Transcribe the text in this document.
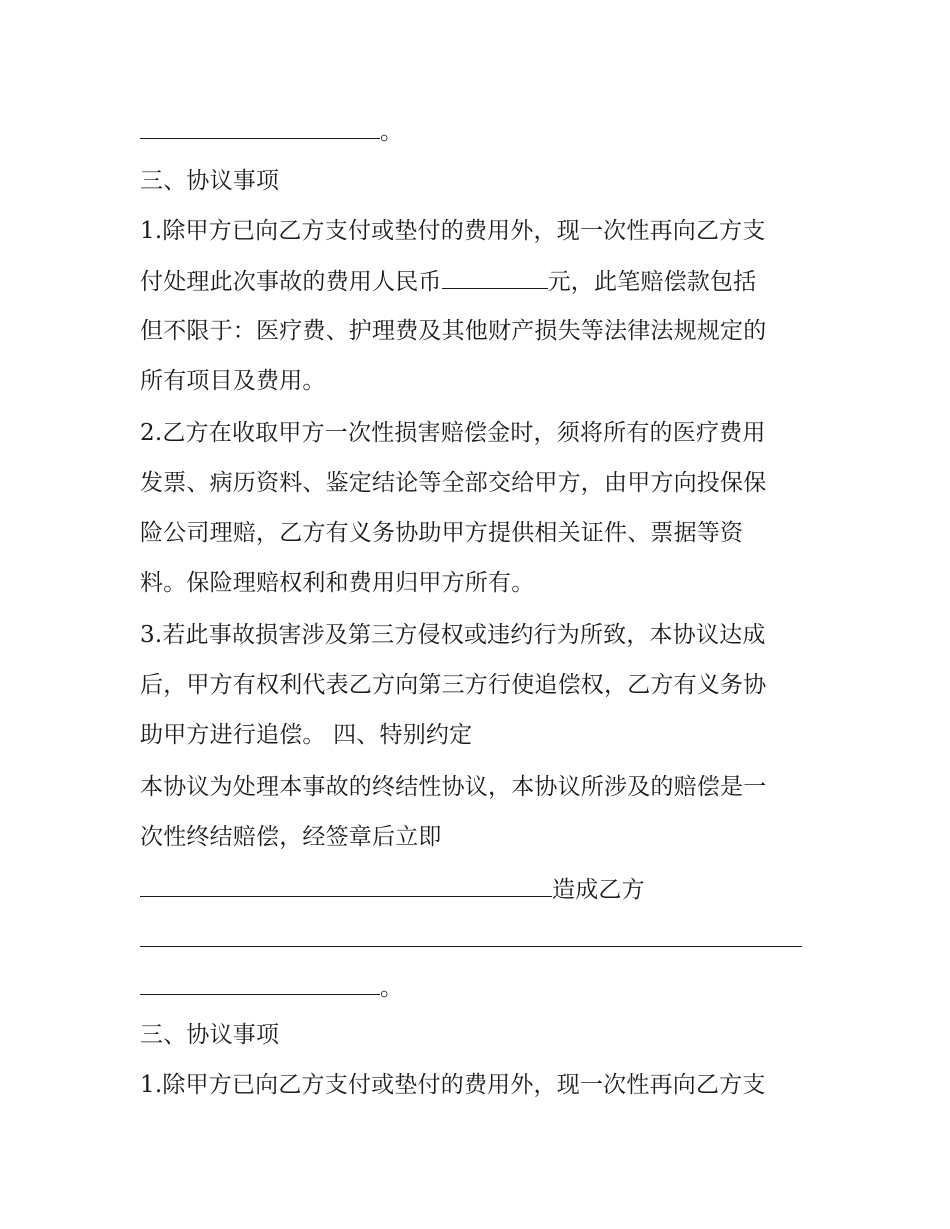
。
三、协议事项
1.除甲方已向乙方支付或垫付的费用外，现一次性再向乙方支
付处理此次事故的费用人民币	元，此笔赔偿款包括
但不限于：医疗费、护理费及其他财产损失等法律法规规定的
所有项目及费用。
2.乙方在收取甲方一次性损害赔偿金时，须将所有的医疗费用
发票、病历资料、鉴定结论等全部交给甲方，由甲方向投保保
险公司理赔，乙方有义务协助甲方提供相关证件、票据等资
料。保险理赔权利和费用归甲方所有。
3.若此事故损害涉及第三方侵权或违约行为所致，本协议达成
后，甲方有权利代表乙方向第三方行使追偿权，乙方有义务协
助甲方进行追偿。 四、特别约定
本协议为处理本事故的终结性协议，本协议所涉及的赔偿是一
次性终结赔偿，经签章后立即
造成乙方
。
三、协议事项
1.除甲方已向乙方支付或垫付的费用外，现一次性再向乙方支
